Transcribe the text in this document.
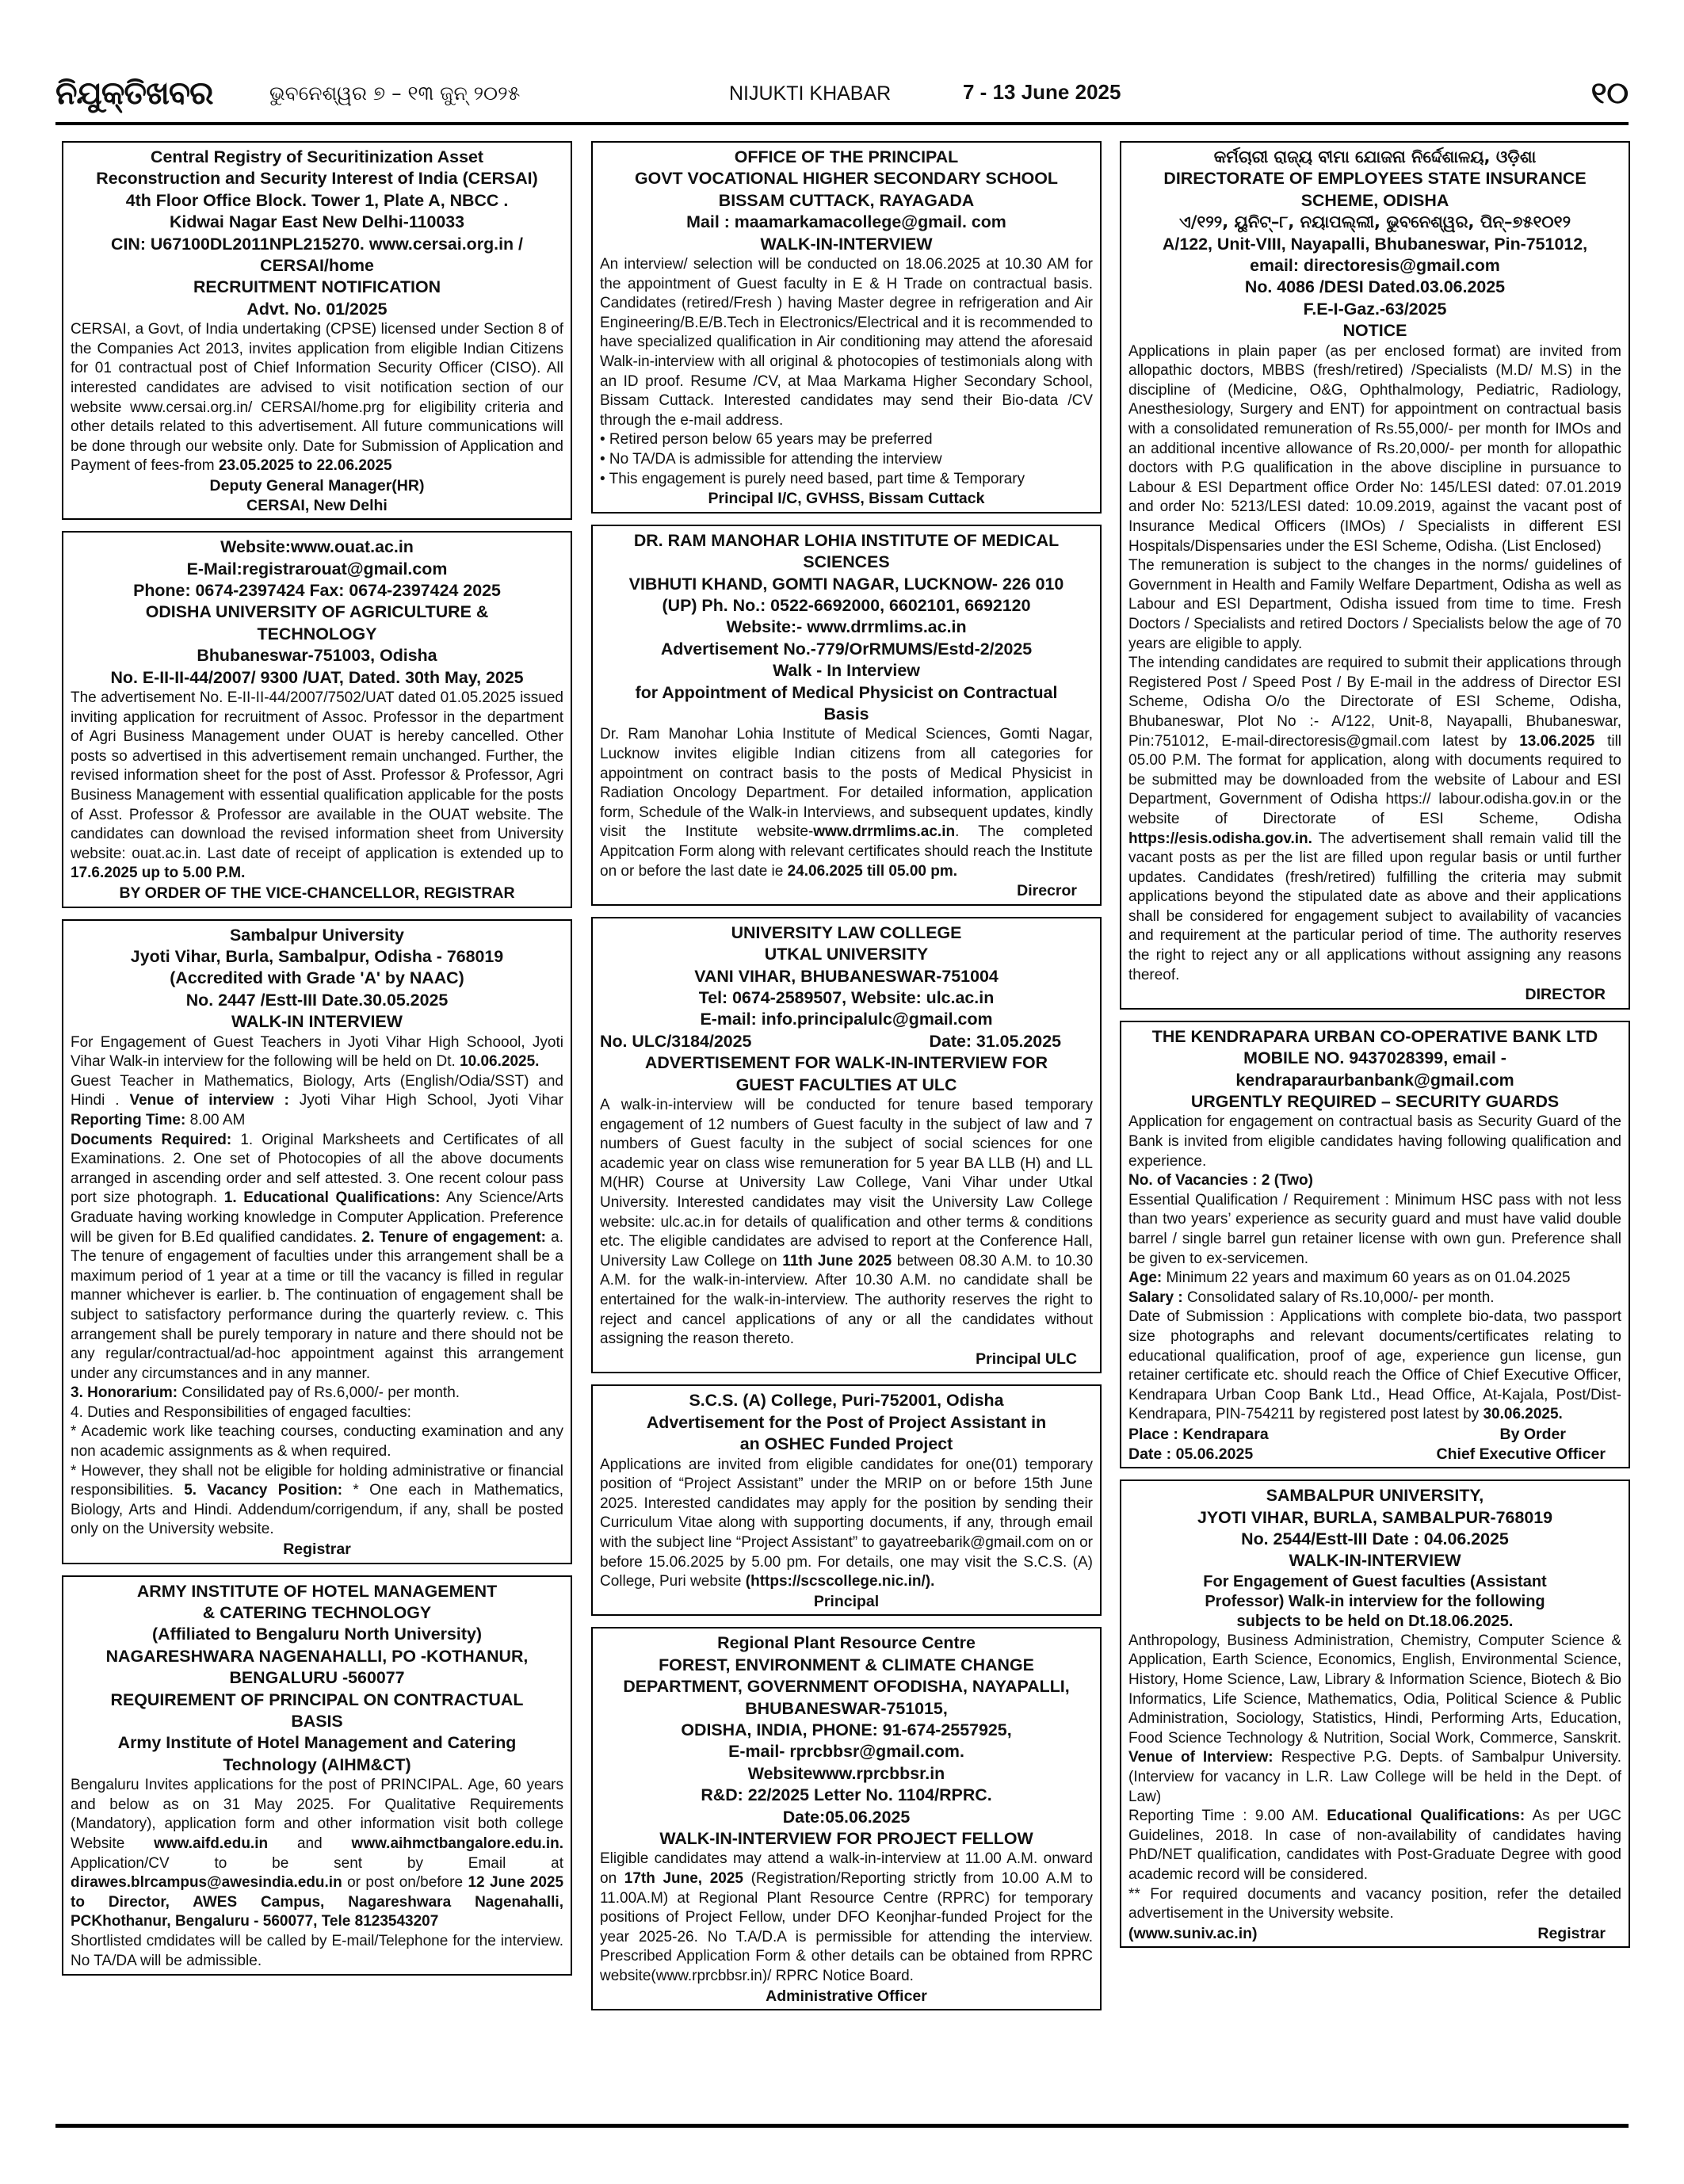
ନିଯୁକ୍ତିଖବର	ଭୁବନେଶ୍ୱର ୭ – ୧୩ ଜୁନ୍ ୨୦୨୫	NIJUKTI KHABAR	7 - 13 June 2025	୧୦
Central Registry of Securitinization Asset
Reconstruction and Security Interest of India (CERSAI)
4th Floor Office Block. Tower 1, Plate A, NBCC .
Kidwai Nagar East New Delhi-110033
CIN: U67100DL2011NPL215270. www.cersai.org.in /
CERSAI/home
RECRUITMENT NOTIFICATION
Advt. No. 01/2025
CERSAI, a Govt, of India undertaking (CPSE) licensed under Section 8 of the Companies Act 2013, invites application from eligible Indian Citizens for 01 contractual post of Chief Information Security Officer (CISO). All interested candidates are advised to visit notification section of our website www.cersai.org.in/ CERSAI/home.prg for eligibility criteria and other details related to this advertisement. All future communications will be done through our website only. Date for Submission of Application and Payment of fees-from 23.05.2025 to 22.06.2025
Deputy General Manager(HR)
CERSAI, New Delhi
Website:www.ouat.ac.in
E-Mail:registrarouat@gmail.com
Phone: 0674-2397424 Fax: 0674-2397424 2025
ODISHA UNIVERSITY OF AGRICULTURE &
TECHNOLOGY
Bhubaneswar-751003, Odisha
No. E-II-II-44/2007/ 9300 /UAT, Dated. 30th May, 2025
The advertisement No. E-II-II-44/2007/7502/UAT dated 01.05.2025 issued inviting application for recruitment of Assoc. Professor in the department of Agri Business Management under OUAT is hereby cancelled. Other posts so advertised in this advertisement remain unchanged. Further, the revised information sheet for the post of Asst. Professor & Professor, Agri Business Management with essential qualification applicable for the posts of Asst. Professor & Professor are available in the OUAT website. The candidates can download the revised information sheet from University website: ouat.ac.in. Last date of receipt of application is extended up to 17.6.2025 up to 5.00 P.M.
BY ORDER OF THE VICE-CHANCELLOR, REGISTRAR
Sambalpur University
Jyoti Vihar, Burla, Sambalpur, Odisha - 768019
(Accredited with Grade 'A' by NAAC)
No. 2447 /Estt-III Date.30.05.2025
WALK-IN INTERVIEW
For Engagement of Guest Teachers in Jyoti Vihar High Schoool, Jyoti Vihar Walk-in interview for the following will be held on Dt. 10.06.2025.
Guest Teacher in Mathematics, Biology, Arts (English/Odia/SST) and Hindi . Venue of interview : Jyoti Vihar High School, Jyoti Vihar Reporting Time: 8.00 AM
Documents Required: 1. Original Marksheets and Certificates of all Examinations. 2. One set of Photocopies of all the above documents arranged in ascending order and self attested. 3. One recent colour pass port size photograph. 1. Educational Qualifications: Any Science/Arts Graduate having working knowledge in Computer Application. Preference will be given for B.Ed qualified candidates. 2. Tenure of engagement: a. The tenure of engagement of faculties under this arrangement shall be a maximum period of 1 year at a time or till the vacancy is filled in regular manner whichever is earlier. b. The continuation of engagement shall be subject to satisfactory performance during the quarterly review. c. This arrangement shall be purely temporary in nature and there should not be any regular/contractual/ad-hoc appointment against this arrangement under any circumstances and in any manner.
3. Honorarium: Consilidated pay of Rs.6,000/- per month.
4. Duties and Responsibilities of engaged faculties:
* Academic work like teaching courses, conducting examination and any non academic assignments as & when required.
* However, they shall not be eligible for holding administrative or financial responsibilities. 5. Vacancy Position: * One each in Mathematics, Biology, Arts and Hindi. Addendum/corrigendum, if any, shall be posted only on the University website.
Registrar
ARMY INSTITUTE OF HOTEL MANAGEMENT
& CATERING TECHNOLOGY
(Affiliated to Bengaluru North University)
NAGARESHWARA NAGENAHALLI, PO -KOTHANUR,
BENGALURU -560077
REQUIREMENT OF PRINCIPAL ON CONTRACTUAL
BASIS
Army Institute of Hotel Management and Catering
Technology (AIHM&CT)
Bengaluru Invites applications for the post of PRINCIPAL. Age, 60 years and below as on 31 May 2025. For Qualitative Requirements (Mandatory), application form and other information visit both college Website www.aifd.edu.in and www.aihmctbangalore.edu.in. Application/CV to be sent by Email at dirawes.blrcampus@awesindia.edu.in or post on/before 12 June 2025 to Director, AWES Campus, Nagareshwara Nagenahalli, PCKhothanur, Bengaluru - 560077, Tele 8123543207
Shortlisted cmdidates will be called by E-mail/Telephone for the interview. No TA/DA will be admissible.
OFFICE OF THE PRINCIPAL
GOVT VOCATIONAL HIGHER SECONDARY SCHOOL
BISSAM CUTTACK, RAYAGADA
Mail : maamarkamacollege@gmail. com
WALK-IN-INTERVIEW
An interview/ selection will be conducted on 18.06.2025 at 10.30 AM for the appointment of Guest faculty in E & H Trade on contractual basis. Candidates (retired/Fresh ) having Master degree in refrigeration and Air Engineering/B.E/B.Tech in Electronics/Electrical and it is recommended to have specialized qualification in Air conditioning may attend the aforesaid Walk-in-interview with all original & photocopies of testimonials along with an ID proof. Resume /CV, at Maa Markama Higher Secondary School, Bissam Cuttack. Interested candidates may send their Bio-data /CV through the e-mail address.
• Retired person below 65 years may be preferred
• No TA/DA is admissible for attending the interview
• This engagement is purely need based, part time & Temporary
Principal I/C, GVHSS, Bissam Cuttack
DR. RAM MANOHAR LOHIA INSTITUTE OF MEDICAL
SCIENCES
VIBHUTI KHAND, GOMTI NAGAR, LUCKNOW- 226 010
(UP) Ph. No.: 0522-6692000, 6602101, 6692120
Website:- www.drrmlims.ac.in
Advertisement No.-779/OrRMUMS/Estd-2/2025
Walk - In Interview
for Appointment of Medical Physicist on Contractual
Basis
Dr. Ram Manohar Lohia Institute of Medical Sciences, Gomti Nagar, Lucknow invites eligible Indian citizens from all categories for appointment on contract basis to the posts of Medical Physicist in Radiation Oncology Department. For detailed information, application form, Schedule of the Walk-in Interviews, and subsequent updates, kindly visit the Institute website-www.drrmlims.ac.in. The completed Appitcation Form along with relevant certificates should reach the Institute on or before the last date ie 24.06.2025 till 05.00 pm.
Direcror
UNIVERSITY LAW COLLEGE
UTKAL UNIVERSITY
VANI VIHAR, BHUBANESWAR-751004
Tel: 0674-2589507, Website: ulc.ac.in
E-mail: info.principalulc@gmail.com
No. ULC/3184/2025	Date: 31.05.2025
ADVERTISEMENT FOR WALK-IN-INTERVIEW FOR
GUEST FACULTIES AT ULC
A walk-in-interview will be conducted for tenure based temporary engagement of 12 numbers of Guest faculty in the subject of law and 7 numbers of Guest faculty in the subject of social sciences for one academic year on class wise remuneration for 5 year BA LLB (H) and LL M(HR) Course at University Law College, Vani Vihar under Utkal University. Interested candidates may visit the University Law College website: ulc.ac.in for details of qualification and other terms & conditions etc. The eligible candidates are advised to report at the Conference Hall, University Law College on 11th June 2025 between 08.30 A.M. to 10.30 A.M. for the walk-in-interview. After 10.30 A.M. no candidate shall be entertained for the walk-in-interview. The authority reserves the right to reject and cancel applications of any or all the candidates without assigning the reason thereto.
Principal ULC
S.C.S. (A) College, Puri-752001, Odisha
Advertisement for the Post of Project Assistant in
an OSHEC Funded Project
Applications are invited from eligible candidates for one(01) temporary position of “Project Assistant” under the MRIP on or before 15th June 2025. Interested candidates may apply for the position by sending their Curriculum Vitae along with supporting documents, if any, through email with the subject line “Project Assistant” to gayatreebarik@gmail.com on or before 15.06.2025 by 5.00 pm. For details, one may visit the S.C.S. (A) College, Puri website (https://scscollege.nic.in/).
Principal
Regional Plant Resource Centre
FOREST, ENVIRONMENT & CLIMATE CHANGE
DEPARTMENT, GOVERNMENT OFODISHA, NAYAPALLI,
BHUBANESWAR-751015,
ODISHA, INDIA, PHONE: 91-674-2557925,
E-mail- rprcbbsr@gmail.com.
Websitewww.rprcbbsr.in
R&D: 22/2025 Letter No. 1104/RPRC.
Date:05.06.2025
WALK-IN-INTERVIEW FOR PROJECT FELLOW
Eligible candidates may attend a walk-in-interview at 11.00 A.M. onward on 17th June, 2025 (Registration/Reporting strictly from 10.00 A.M to 11.00A.M) at Regional Plant Resource Centre (RPRC) for temporary positions of Project Fellow, under DFO Keonjhar-funded Project for the year 2025-26. No T.A/D.A is permissible for attending the interview. Prescribed Application Form & other details can be obtained from RPRC website(www.rprcbbsr.in)/ RPRC Notice Board.
Administrative Officer
କର୍ମଚାରୀ ରାଜ୍ୟ ବୀମା ଯୋଜନା ନିର୍ଦ୍ଦେଶାଳୟ, ଓଡ଼ିଶା
DIRECTORATE OF EMPLOYEES STATE INSURANCE
SCHEME, ODISHA
ଏ/୧୨୨, ୟୁନିଟ୍–୮, ନୟାପଲ୍ଲୀ, ଭୁବନେଶ୍ୱର, ପିନ୍–୭୫୧୦୧୨
A/122, Unit-VIII, Nayapalli, Bhubaneswar, Pin-751012,
email: directoresis@gmail.com
No. 4086 /DESI Dated.03.06.2025
F.E-I-Gaz.-63/2025
NOTICE
Applications in plain paper (as per enclosed format) are invited from allopathic doctors, MBBS (fresh/retired) /Specialists (M.D/ M.S) in the discipline of (Medicine, O&G, Ophthalmology, Pediatric, Radiology, Anesthesiology, Surgery and ENT) for appointment on contractual basis with a consolidated remuneration of Rs.55,000/- per month for IMOs and an additional incentive allowance of Rs.20,000/- per month for allopathic doctors with P.G qualification in the above discipline in pursuance to Labour & ESI Department office Order No: 145/LESI dated: 07.01.2019 and order No: 5213/LESI dated: 10.09.2019, against the vacant post of Insurance Medical Officers (IMOs) / Specialists in different ESI Hospitals/Dispensaries under the ESI Scheme, Odisha. (List Enclosed)
The remuneration is subject to the changes in the norms/ guidelines of Government in Health and Family Welfare Department, Odisha as well as Labour and ESI Department, Odisha issued from time to time. Fresh Doctors / Specialists and retired Doctors / Specialists below the age of 70 years are eligible to apply.
The intending candidates are required to submit their applications through Registered Post / Speed Post / By E-mail in the address of Director ESI Scheme, Odisha O/o the Directorate of ESI Scheme, Odisha, Bhubaneswar, Plot No :- A/122, Unit-8, Nayapalli, Bhubaneswar, Pin:751012, E-mail-directoresis@gmail.com latest by 13.06.2025 till 05.00 P.M. The format for application, along with documents required to be submitted may be downloaded from the website of Labour and ESI Department, Government of Odisha https:// labour.odisha.gov.in or the website of Directorate of ESI Scheme, Odisha https://esis.odisha.gov.in. The advertisement shall remain valid till the vacant posts as per the list are filled upon regular basis or until further updates. Candidates (fresh/retired) fulfilling the criteria may submit applications beyond the stipulated date as above and their applications shall be considered for engagement subject to availability of vacancies and requirement at the particular period of time. The authority reserves the right to reject any or all applications without assigning any reasons thereof.
DIRECTOR
THE KENDRAPARA URBAN CO-OPERATIVE BANK LTD
MOBILE NO. 9437028399, email -
kendraparaurbanbank@gmail.com
URGENTLY REQUIRED – SECURITY GUARDS
Application for engagement on contractual basis as Security Guard of the Bank is invited from eligible candidates having following qualification and experience.
No. of Vacancies : 2 (Two)
Essential Qualification / Requirement : Minimum HSC pass with not less than two years’ experience as security guard and must have valid double barrel / single barrel gun retainer license with own gun. Preference shall be given to ex-servicemen.
Age: Minimum 22 years and maximum 60 years as on 01.04.2025
Salary : Consolidated salary of Rs.10,000/- per month.
Date of Submission : Applications with complete bio-data, two passport size photographs and relevant documents/certificates relating to educational qualification, proof of age, experience gun license, gun retainer certificate etc. should reach the Office of Chief Executive Officer, Kendrapara Urban Coop Bank Ltd., Head Office, At-Kajala, Post/Dist-Kendrapara, PIN-754211 by registered post latest by 30.06.2025.
Place : Kendrapara	By Order
Date : 05.06.2025	Chief Executive Officer
SAMBALPUR UNIVERSITY,
JYOTI VIHAR, BURLA, SAMBALPUR-768019
No. 2544/Estt-III Date : 04.06.2025
WALK-IN-INTERVIEW
For Engagement of Guest faculties (Assistant
Professor) Walk-in interview for the following
subjects to be held on Dt.18.06.2025.
Anthropology, Business Administration, Chemistry, Computer Science & Application, Earth Science, Economics, English, Environmental Science, History, Home Science, Law, Library & Information Science, Biotech & Bio Informatics, Life Science, Mathematics, Odia, Political Science & Public Administration, Sociology, Statistics, Hindi, Performing Arts, Education, Food Science Technology & Nutrition, Social Work, Commerce, Sanskrit. Venue of Interview: Respective P.G. Depts. of Sambalpur University. (Interview for vacancy in L.R. Law College will be held in the Dept. of Law)
Reporting Time : 9.00 AM. Educational Qualifications: As per UGC Guidelines, 2018. In case of non-availability of candidates having PhD/NET qualification, candidates with Post-Graduate Degree with good academic record will be considered.
** For required documents and vacancy position, refer the detailed advertisement in the University website.
(www.suniv.ac.in)	Registrar
